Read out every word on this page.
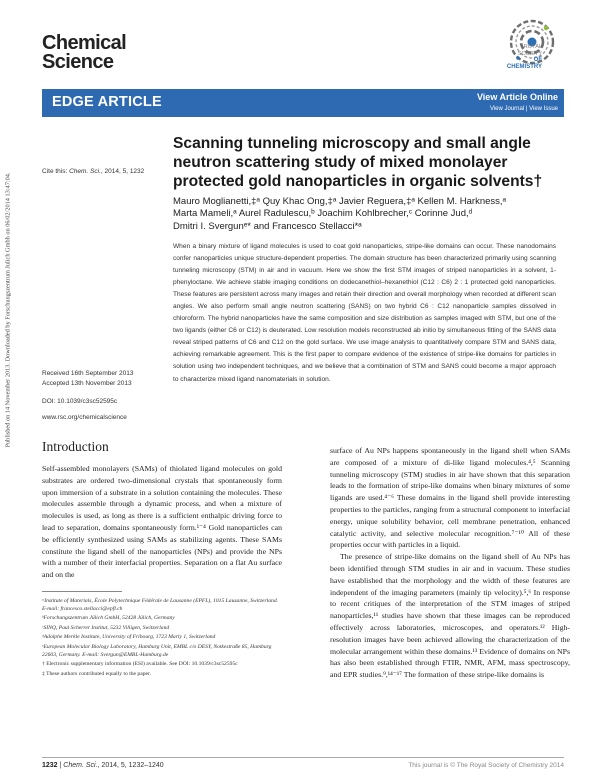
Published on 14 November 2013. Downloaded by Forschungszentrum Julich Gmbh on 06/02/2014 13:47:04.
Chemical
Science
ROYAL SOCIETY
OF CHEMISTRY
EDGE ARTICLE	View Article Online
View Journal | View Issue
Cite this: Chem. Sci., 2014, 5, 1232
Scanning tunneling microscopy and small angle neutron scattering study of mixed monolayer protected gold nanoparticles in organic solvents†
Mauro Moglianetti,‡ᵃ Quy Khac Ong,‡ᵃ Javier Reguera,‡ᵃ Kellen M. Harkness,ᵃ
Marta Mameli,ᵃ Aurel Radulescu,ᵇ Joachim Kohlbrecher,ᶜ Corinne Jud,ᵈ
Dmitri I. Svergunᵉ* and Francesco Stellacci*ᵃ
When a binary mixture of ligand molecules is used to coat gold nanoparticles, stripe-like domains can occur. These nanodomains confer nanoparticles unique structure-dependent properties. The domain structure has been characterized primarily using scanning tunneling microscopy (STM) in air and in vacuum. Here we show the first STM images of striped nanoparticles in a solvent, 1-phenyloctane. We achieve stable imaging conditions on dodecanethiol–hexanethiol (C12 : C6) 2 : 1 protected gold nanoparticles. These features are persistent across many images and retain their direction and overall morphology when recorded at different scan angles. We also perform small angle neutron scattering (SANS) on two hybrid C6 : C12 nanoparticle samples dissolved in chloroform. The hybrid nanoparticles have the same composition and size distribution as samples imaged with STM, but one of the two ligands (either C6 or C12) is deuterated. Low resolution models reconstructed ab initio by simultaneous fitting of the SANS data reveal striped patterns of C6 and C12 on the gold surface. We use image analysis to quantitatively compare STM and SANS data, achieving remarkable agreement. This is the first paper to compare evidence of the existence of stripe-like domains for particles in solution using two independent techniques, and we believe that a combination of STM and SANS could become a major approach to characterize mixed ligand nanomaterials in solution.
Received 16th September 2013
Accepted 13th November 2013
DOI: 10.1039/c3sc52595c
www.rsc.org/chemicalscience
Introduction

Self-assembled monolayers (SAMs) of thiolated ligand molecules on gold substrates are ordered two-dimensional crystals that spontaneously form upon immersion of a substrate in a solution containing the molecules. These molecules assemble through a dynamic process, and when a mixture of molecules is used, as long as there is a sufficient enthalpic driving force to lead to separation, domains spontaneously form.¹⁻⁴ Gold nanoparticles can be efficiently synthesized using SAMs as stabilizing agents. These SAMs constitute the ligand shell of the nanoparticles (NPs) and provide the NPs with a number of their interfacial properties. Separation on a flat Au surface and on the

surface of Au NPs happens spontaneously in the ligand shell when SAMs are composed of a mixture of di-like ligand molecules.⁴,⁵ Scanning tunneling microscopy (STM) studies in air have shown that this separation leads to the formation of stripe-like domains when binary mixtures of some ligands are used.⁴⁻⁶ These domains in the ligand shell provide interesting properties to the particles, ranging from a structural component to interfacial energy, unique solubility behavior, cell membrane penetration, enhanced catalytic activity, and selective molecular recognition.⁷⁻¹⁰ All of these properties occur with particles in a liquid.

The presence of stripe-like domains on the ligand shell of Au NPs has been identified through STM studies in air and in vacuum. These studies have established that the morphology and the width of these features are independent of the imaging parameters (mainly tip velocity).⁵,⁶ In response to recent critiques of the interpretation of the STM images of striped nanoparticles,¹¹ studies have shown that these images can be reproduced effectively across laboratories, microscopes, and operators.¹² High-resolution images have been achieved allowing the characterization of the molecular arrangement within these domains.¹³ Evidence of domains on NPs has also been established through FTIR, NMR, AFM, mass spectroscopy, and EPR studies.⁹,¹⁴⁻¹⁷ The formation of these stripe-like domains is

ᵃInstitute of Materials, École Polytechnique Fédérale de Lausanne (EPFL), 1015 Lausanne, Switzerland. E-mail: francesco.stellacci@epfl.ch

ᵇForschungszentrum Jülich GmbH, 52428 Jülich, Germany

ᶜSINQ, Paul Scherrer Institut, 5232 Villigen, Switzerland

ᵈAdolphe Merkle Institute, University of Fribourg, 1723 Marly 1, Switzerland

ᵉEuropean Molecular Biology Laboratory, Hamburg Unit, EMBL c/o DESY, Notkestraße 85, Hamburg 22603, Germany. E-mail: Svergun@EMBL-Hamburg.de

† Electronic supplementary information (ESI) available. See DOI: 10.1039/c3sc52595c

‡ These authors contributed equally to the paper.

1232 | Chem. Sci., 2014, 5, 1232–1240	This journal is © The Royal Society of Chemistry 2014
